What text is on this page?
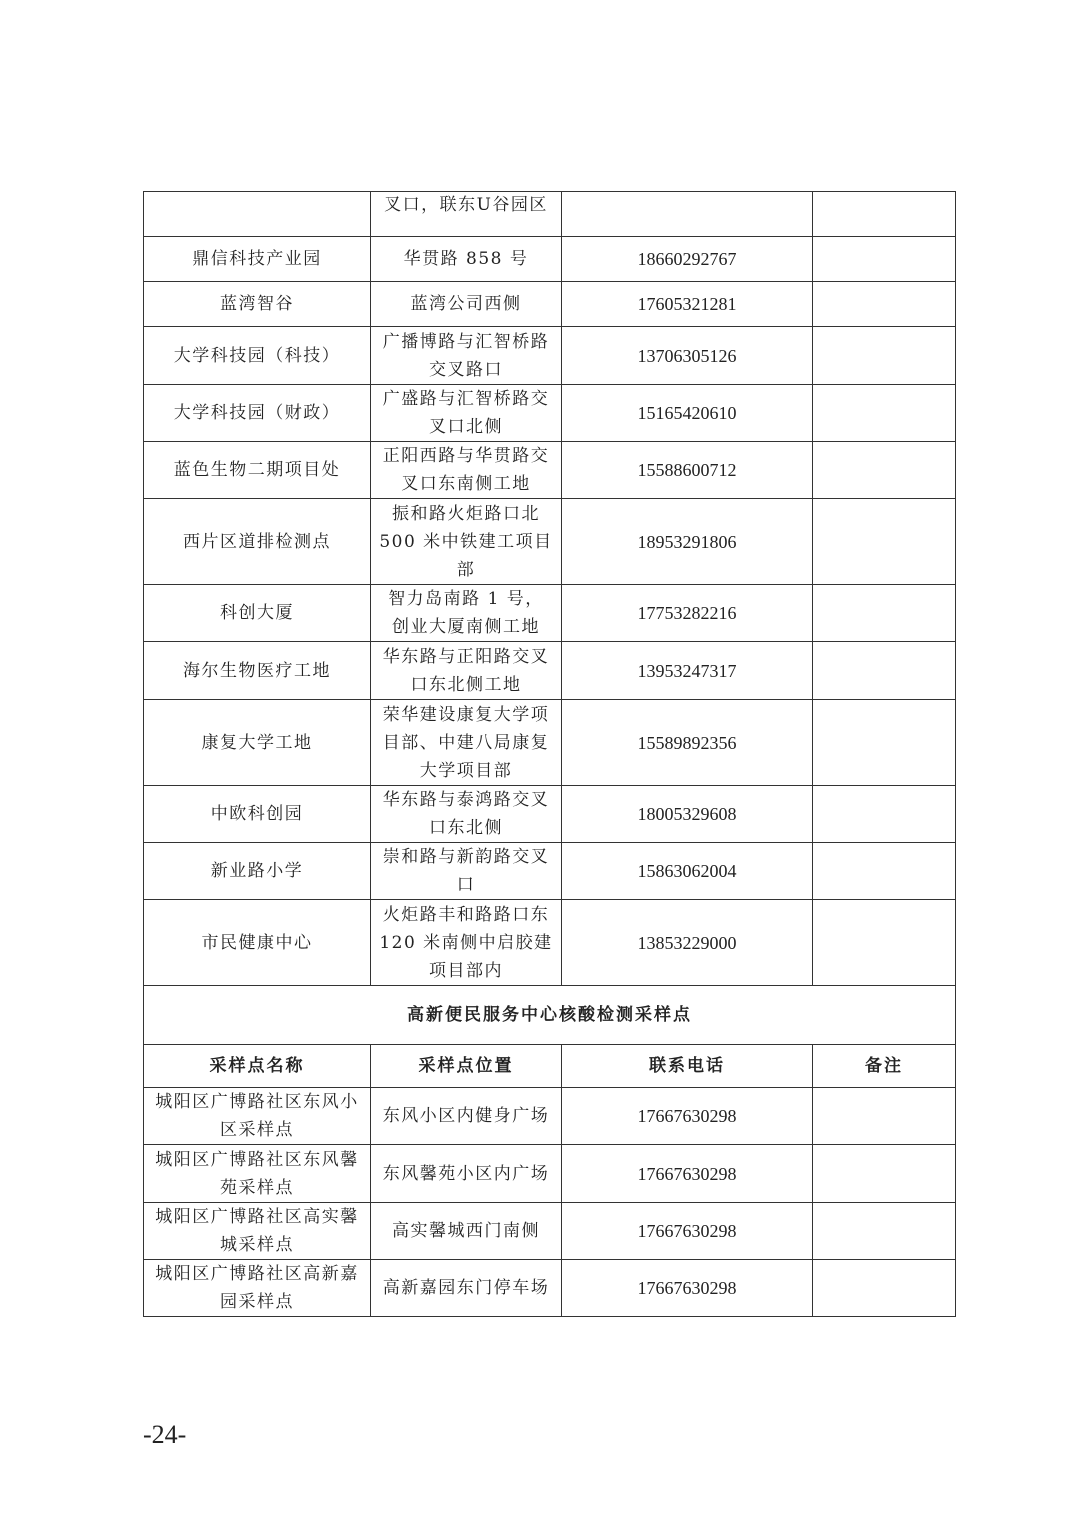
	叉口，联东U谷园区		
鼎信科技产业园	华贯路 858 号	18660292767	
蓝湾智谷	蓝湾公司西侧	17605321281	
大学科技园（科技）	广播博路与汇智桥路交叉路口	13706305126	
大学科技园（财政）	广盛路与汇智桥路交叉口北侧	15165420610	
蓝色生物二期项目处	正阳西路与华贯路交叉口东南侧工地	15588600712	
西片区道排检测点	振和路火炬路口北500 米中铁建工项目部	18953291806	
科创大厦	智力岛南路 1 号，创业大厦南侧工地	17753282216	
海尔生物医疗工地	华东路与正阳路交叉口东北侧工地	13953247317	
康复大学工地	荣华建设康复大学项目部、中建八局康复大学项目部	15589892356	
中欧科创园	华东路与泰鸿路交叉口东北侧	18005329608	
新业路小学	崇和路与新韵路交叉口	15863062004	
市民健康中心	火炬路丰和路路口东120 米南侧中启胶建项目部内	13853229000	
高新便民服务中心核酸检测采样点			
采样点名称	采样点位置	联系电话	备注
城阳区广博路社区东风小区采样点	东风小区内健身广场	17667630298	
城阳区广博路社区东风馨苑采样点	东风馨苑小区内广场	17667630298	
城阳区广博路社区高实馨城采样点	高实馨城西门南侧	17667630298	
城阳区广博路社区高新嘉园采样点	高新嘉园东门停车场	17667630298	
-24-
